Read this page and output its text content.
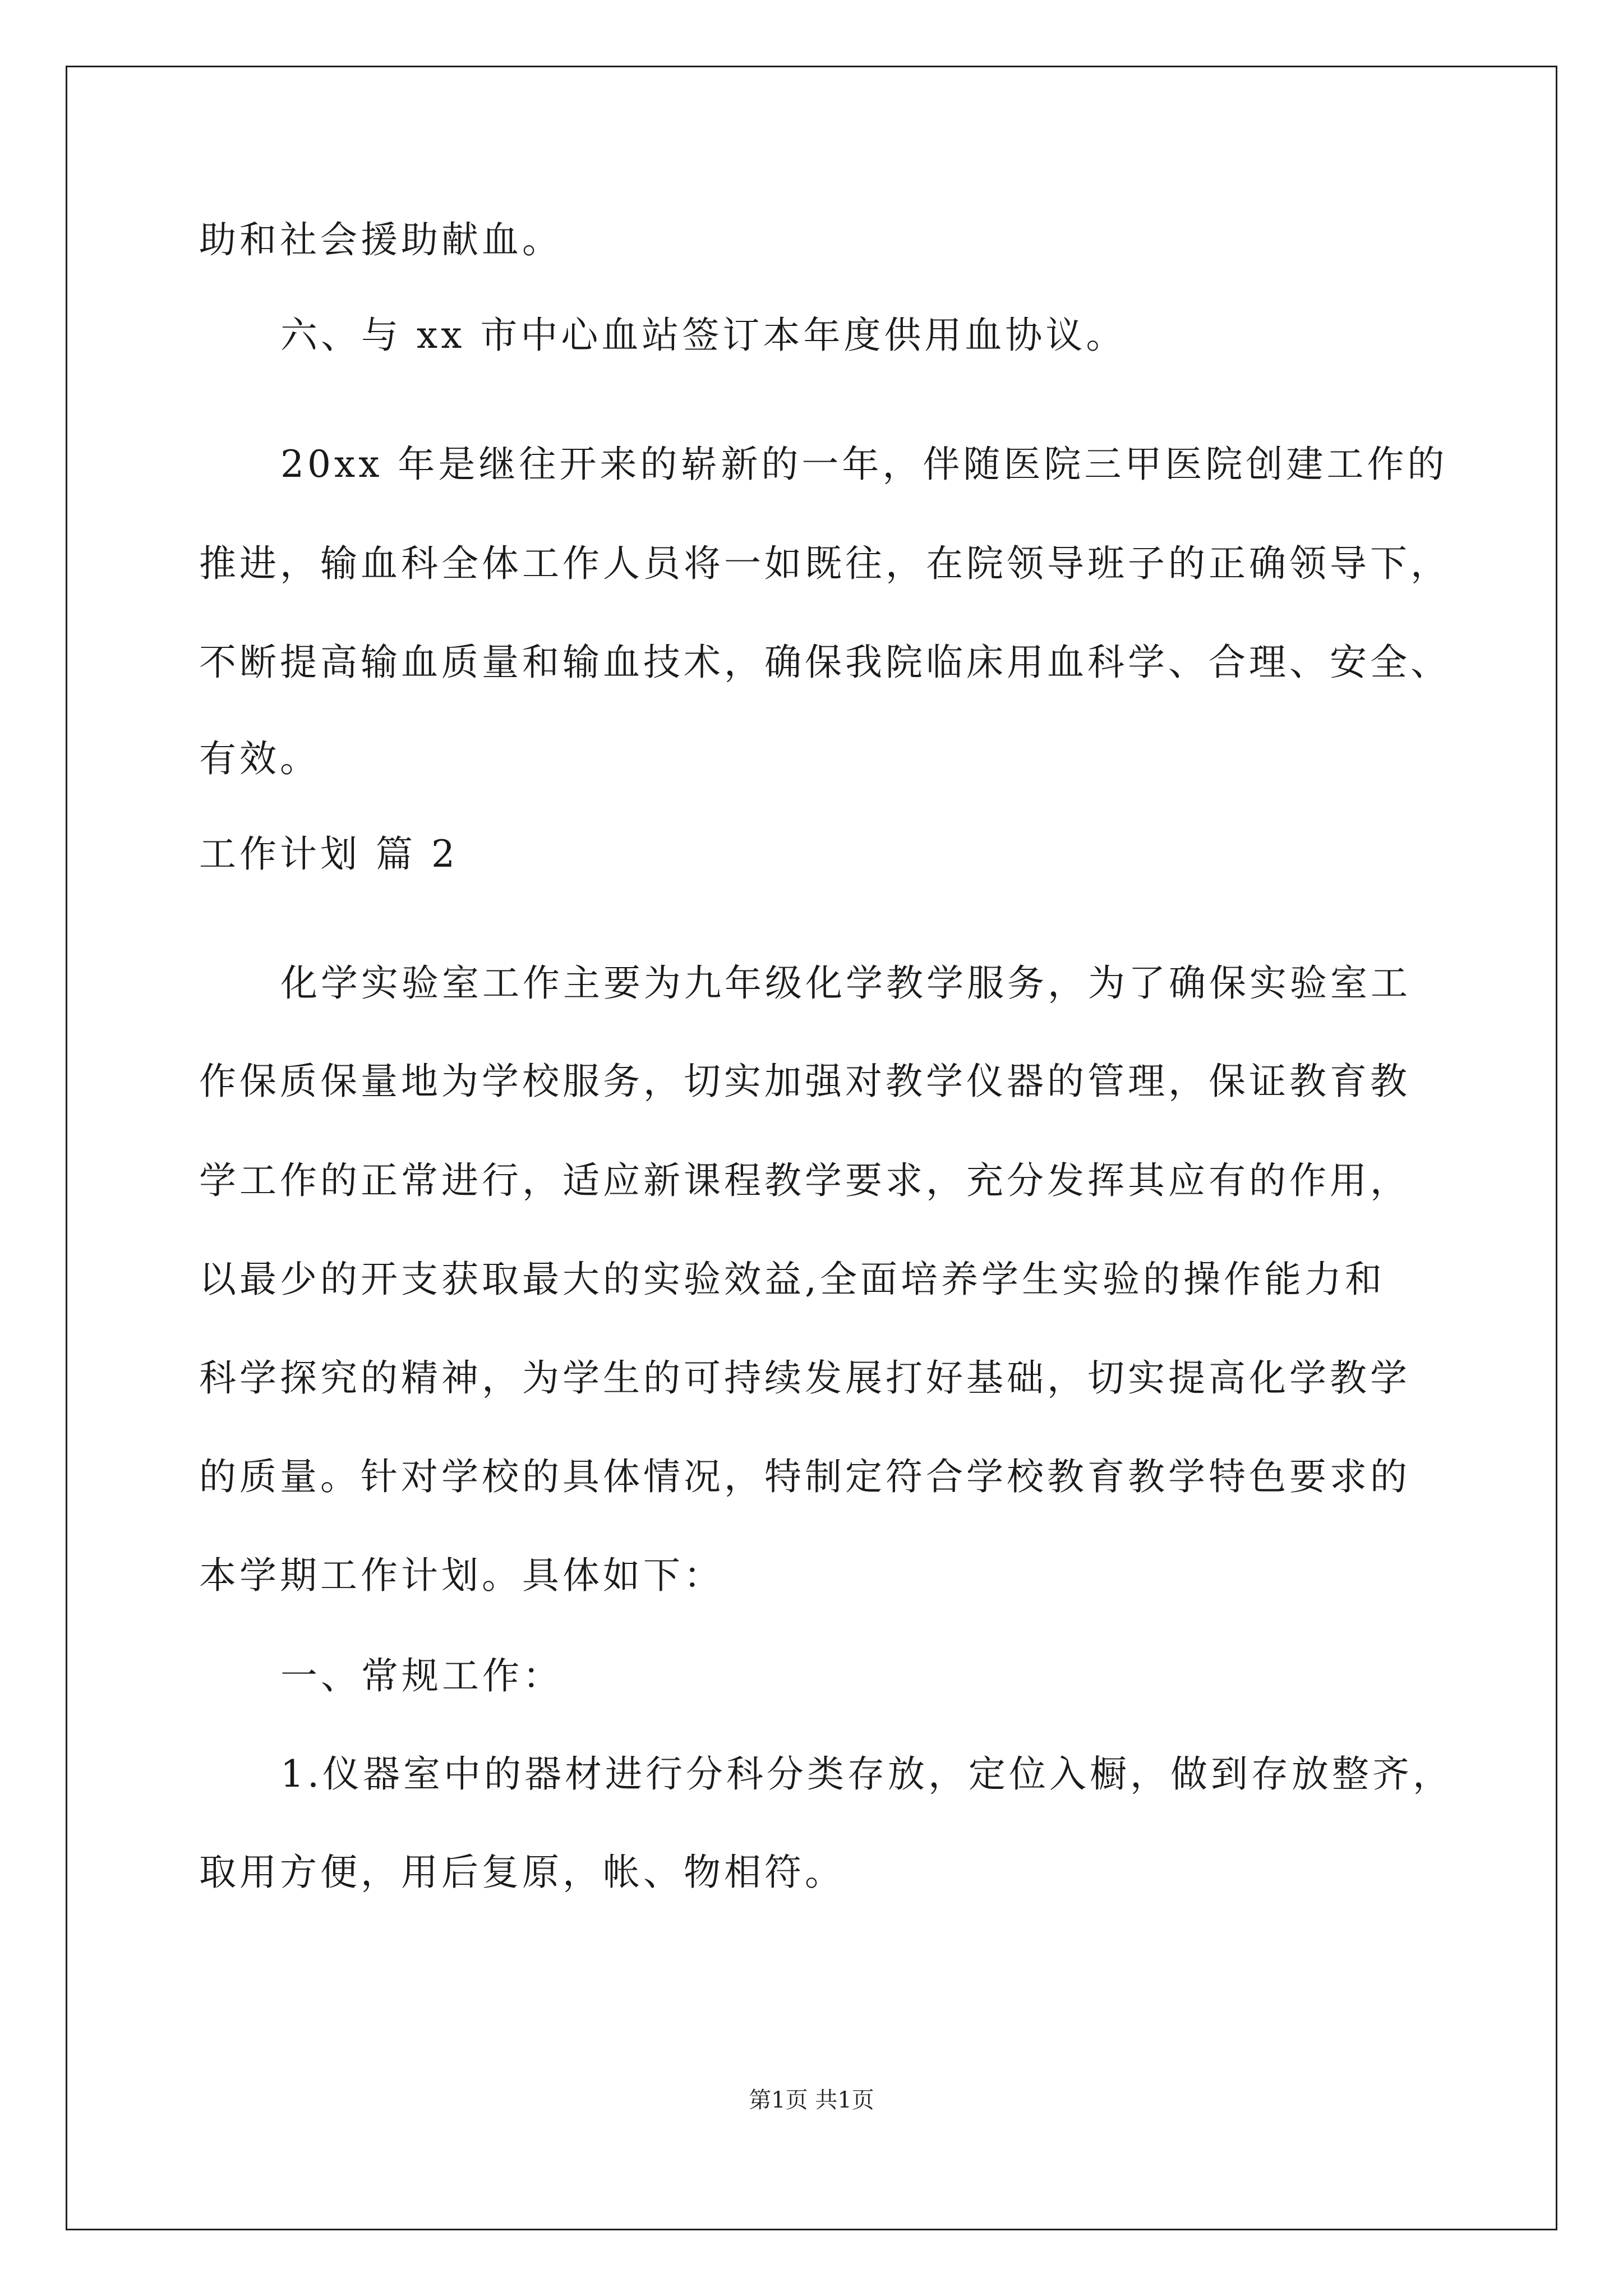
助和社会援助献血。
六、与 xx 市中心血站签订本年度供用血协议。
20xx 年是继往开来的崭新的一年，伴随医院三甲医院创建工作的
推进，输血科全体工作人员将一如既往，在院领导班子的正确领导下，
不断提高输血质量和输血技术，确保我院临床用血科学、合理、安全、
有效。
工作计划 篇 2
化学实验室工作主要为九年级化学教学服务，为了确保实验室工
作保质保量地为学校服务，切实加强对教学仪器的管理，保证教育教
学工作的正常进行，适应新课程教学要求，充分发挥其应有的作用，
以最少的开支获取最大的实验效益,全面培养学生实验的操作能力和
科学探究的精神，为学生的可持续发展打好基础，切实提高化学教学
的质量。针对学校的具体情况，特制定符合学校教育教学特色要求的
本学期工作计划。具体如下：
一、常规工作：
1.仪器室中的器材进行分科分类存放，定位入橱，做到存放整齐，
取用方便，用后复原，帐、物相符。
第1页 共1页
